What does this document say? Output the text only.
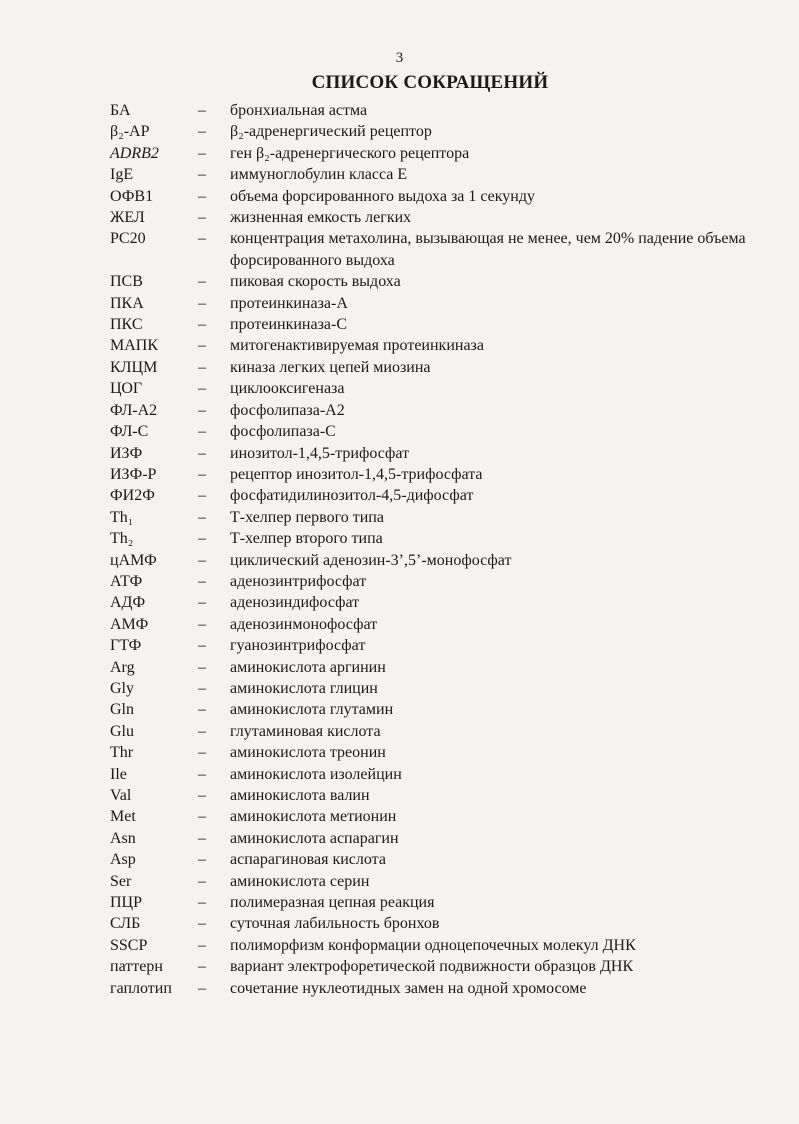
3
СПИСОК СОКРАЩЕНИЙ
БА	–	бронхиальная астма
β₂-АР	–	β₂-адренергический рецептор
ADRB2	–	ген β₂-адренергического рецептора
IgE	–	иммуноглобулин класса Е
ОФВ1	–	объема форсированного выдоха за 1 секунду
ЖЕЛ	–	жизненная емкость легких
PC20	–	концентрация метахолина, вызывающая не менее, чем 20% падение объема форсированного выдоха
ПСВ	–	пиковая скорость выдоха
ПКА	–	протеинкиназа-А
ПКС	–	протеинкиназа-С
МАПК	–	митогенактивируемая протеинкиназа
КЛЦМ	–	киназа легких цепей миозина
ЦОГ	–	циклооксигеназа
ФЛ-А2	–	фосфолипаза-А2
ФЛ-С	–	фосфолипаза-С
ИЗФ	–	инозитол-1,4,5-трифосфат
ИЗФ-Р	–	рецептор инозитол-1,4,5-трифосфата
ФИ2Ф	–	фосфатидилинозитол-4,5-дифосфат
Th₁	–	Т-хелпер первого типа
Th₂	–	Т-хелпер второго типа
цАМФ	–	циклический аденозин-3’,5’-монофосфат
АТФ	–	аденозинтрифосфат
АДФ	–	аденозиндифосфат
АМФ	–	аденозинмонофосфат
ГТФ	–	гуанозинтрифосфат
Arg	–	аминокислота аргинин
Gly	–	аминокислота глицин
Gln	–	аминокислота глутамин
Glu	–	глутаминовая кислота
Thr	–	аминокислота треонин
Ile	–	аминокислота изолейцин
Val	–	аминокислота валин
Met	–	аминокислота метионин
Asn	–	аминокислота аспарагин
Asp	–	аспарагиновая кислота
Ser	–	аминокислота серин
ПЦР	–	полимеразная цепная реакция
СЛБ	–	суточная лабильность бронхов
SSCP	–	полиморфизм конформации одноцепочечных молекул ДНК
паттерн	–	вариант электрофоретической подвижности образцов ДНК
гаплотип	–	сочетание нуклеотидных замен на одной хромосоме
